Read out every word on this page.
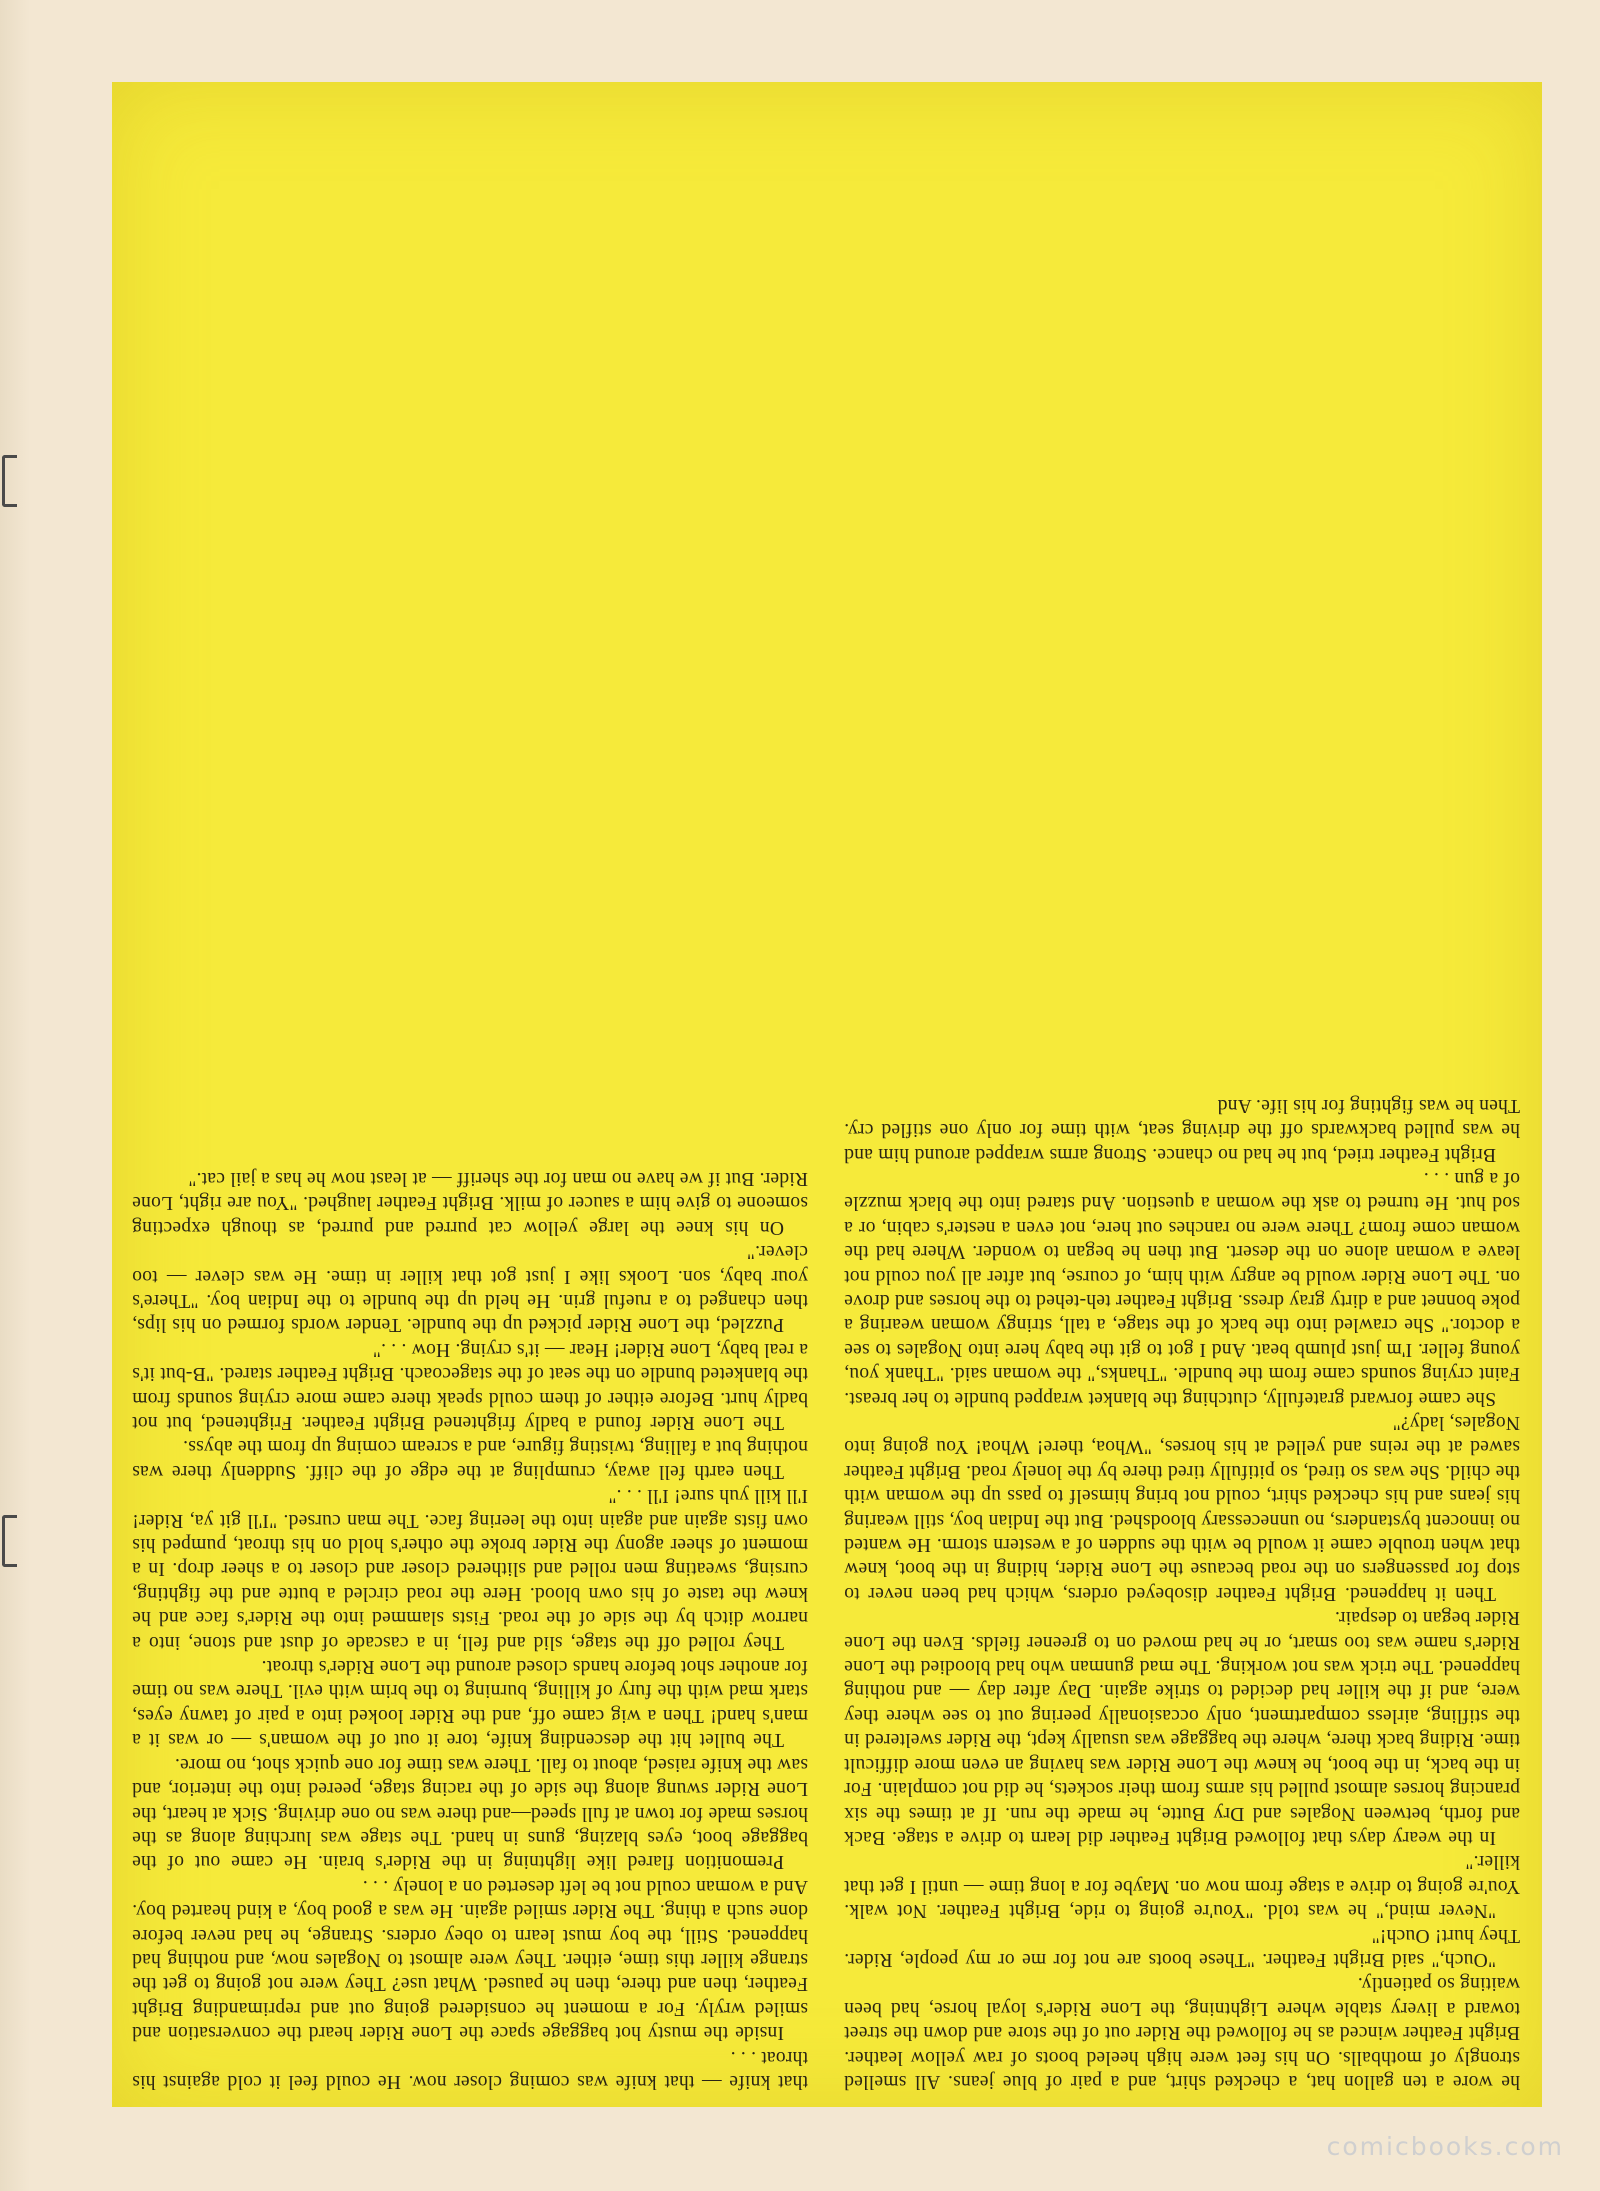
he wore a ten gallon hat, a checked shirt, and a pair of blue jeans. All smelled strongly of mothballs. On his feet were high heeled boots of raw yellow leather. Bright Feather winced as he followed the Rider out of the store and down the street toward a livery stable where Lightning, the Lone Rider's loyal horse, had been waiting so patiently.

"Ouch," said Bright Feather. "These boots are not for me or my people, Rider. They hurt! Ouch!"

"Never mind," he was told. "You're going to ride, Bright Feather. Not walk. You're going to drive a stage from now on. Maybe for a long time — until I get that killer."

In the weary days that followed Bright Feather did learn to drive a stage. Back and forth, between Nogales and Dry Butte, he made the run. If at times the six prancing horses almost pulled his arms from their sockets, he did not complain. For in the back, in the boot, he knew the Lone Rider was having an even more difficult time. Riding back there, where the baggage was usually kept, the Rider sweltered in the stifling, airless compartment, only occasionally peering out to see where they were, and if the killer had decided to strike again. Day after day — and nothing happened. The trick was not working. The mad gunman who had bloodied the Lone Rider's name was too smart, or he had moved on to greener fields. Even the Lone Rider began to despair.

Then it happened. Bright Feather disobeyed orders, which had been never to stop for passengers on the road because the Lone Rider, hiding in the boot, knew that when trouble came it would be with the sudden of a western storm. He wanted no innocent bystanders, no unnecessary bloodshed. But the Indian boy, still wearing his jeans and his checked shirt, could not bring himself to pass up the woman with the child. She was so tired, so pitifully tired there by the lonely road. Bright Feather sawed at the reins and yelled at his horses, "Whoa, there! Whoa! You going into Nogales, lady?"

She came forward gratefully, clutching the blanket wrapped bundle to her breast. Faint crying sounds came from the bundle. "Thanks," the woman said. "Thank you, young feller. I'm just plumb beat. And I got to git the baby here into Nogales to see a doctor." She crawled into the back of the stage, a tall, stringy woman wearing a poke bonnet and a dirty gray dress. Bright Feather teh-tehed to the horses and drove on. The Lone Rider would be angry with him, of course, but after all you could not leave a woman alone on the desert. But then he began to wonder. Where had the woman come from? There were no ranches out here, not even a nester's cabin, or a sod hut. He turned to ask the woman a question. And stared into the black muzzle of a gun . . .

Bright Feather tried, but he had no chance. Strong arms wrapped around him and he was pulled backwards off the driving seat, with time for only one stifled cry. Then he was fighting for his life. And

that knife — that knife was coming closer now. He could feel it cold against his throat . . .

Inside the musty hot baggage space the Lone Rider heard the conversation and smiled wryly. For a moment he considered going out and reprimanding Bright Feather, then and there, then he paused. What use? They were not going to get the strange killer this time, either. They were almost to Nogales now, and nothing had happened. Still, the boy must learn to obey orders. Strange, he had never before done such a thing. The Rider smiled again. He was a good boy, a kind hearted boy. And a woman could not be left deserted on a lonely . . .

Premonition flared like lightning in the Rider's brain. He came out of the baggage boot, eyes blazing, guns in hand. The stage was lurching along as the horses made for town at full speed—and there was no one driving. Sick at heart, the Lone Rider swung along the side of the racing stage, peered into the interior, and saw the knife raised, about to fall. There was time for one quick shot, no more.

The bullet hit the descending knife, tore it out of the woman's — or was it a man's hand! Then a wig came off, and the Rider looked into a pair of tawny eyes, stark mad with the fury of killing, burning to the brim with evil. There was no time for another shot before hands closed around the Lone Rider's throat.

They rolled off the stage, slid and fell, in a cascade of dust and stone, into a narrow ditch by the side of the road. Fists slammed into the Rider's face and he knew the taste of his own blood. Here the road circled a butte and the fighting, cursing, sweating men rolled and slithered closer and closer to a sheer drop. In a moment of sheer agony the Rider broke the other's hold on his throat, pumped his own fists again and again into the leering face. The man cursed. "I'll git ya, Rider! I'll kill yuh sure! I'll . . ."

Then earth fell away, crumpling at the edge of the cliff. Suddenly there was nothing but a falling, twisting figure, and a scream coming up from the abyss.

The Lone Rider found a badly frightened Bright Feather. Frightened, but not badly hurt. Before either of them could speak there came more crying sounds from the blanketed bundle on the seat of the stagecoach. Bright Feather stared. "B-but it's a real baby, Lone Rider! Hear — it's crying. How . . ."

Puzzled, the Lone Rider picked up the bundle. Tender words formed on his lips, then changed to a rueful grin. He held up the bundle to the Indian boy. "There's your baby, son. Looks like I just got that killer in time. He was clever — too clever."

On his knee the large yellow cat purred and purred, as though expecting someone to give him a saucer of milk. Bright Feather laughed. "You are right, Lone Rider. But if we have no man for the sheriff — at least now he has a jail cat."

comicbooks.com
